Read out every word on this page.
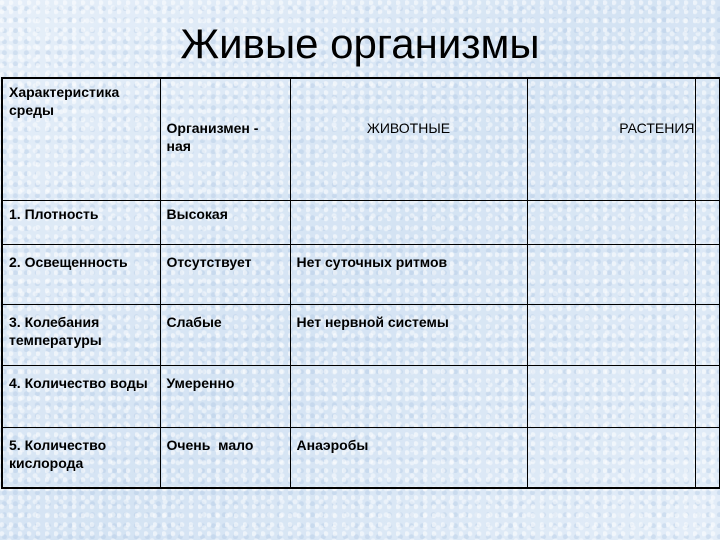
Живые организмы
Характеристика среды	Организмен - ная	ЖИВОТНЫЕ	РАСТЕНИЯ	
1. Плотность	Высокая			
2. Освещенность	Отсутствует	Нет суточных ритмов		
3. Колебания температуры	Слабые	Нет нервной системы		
4. Количество воды	Умеренно			
5. Количество кислорода	Очень  мало	Анаэробы		
